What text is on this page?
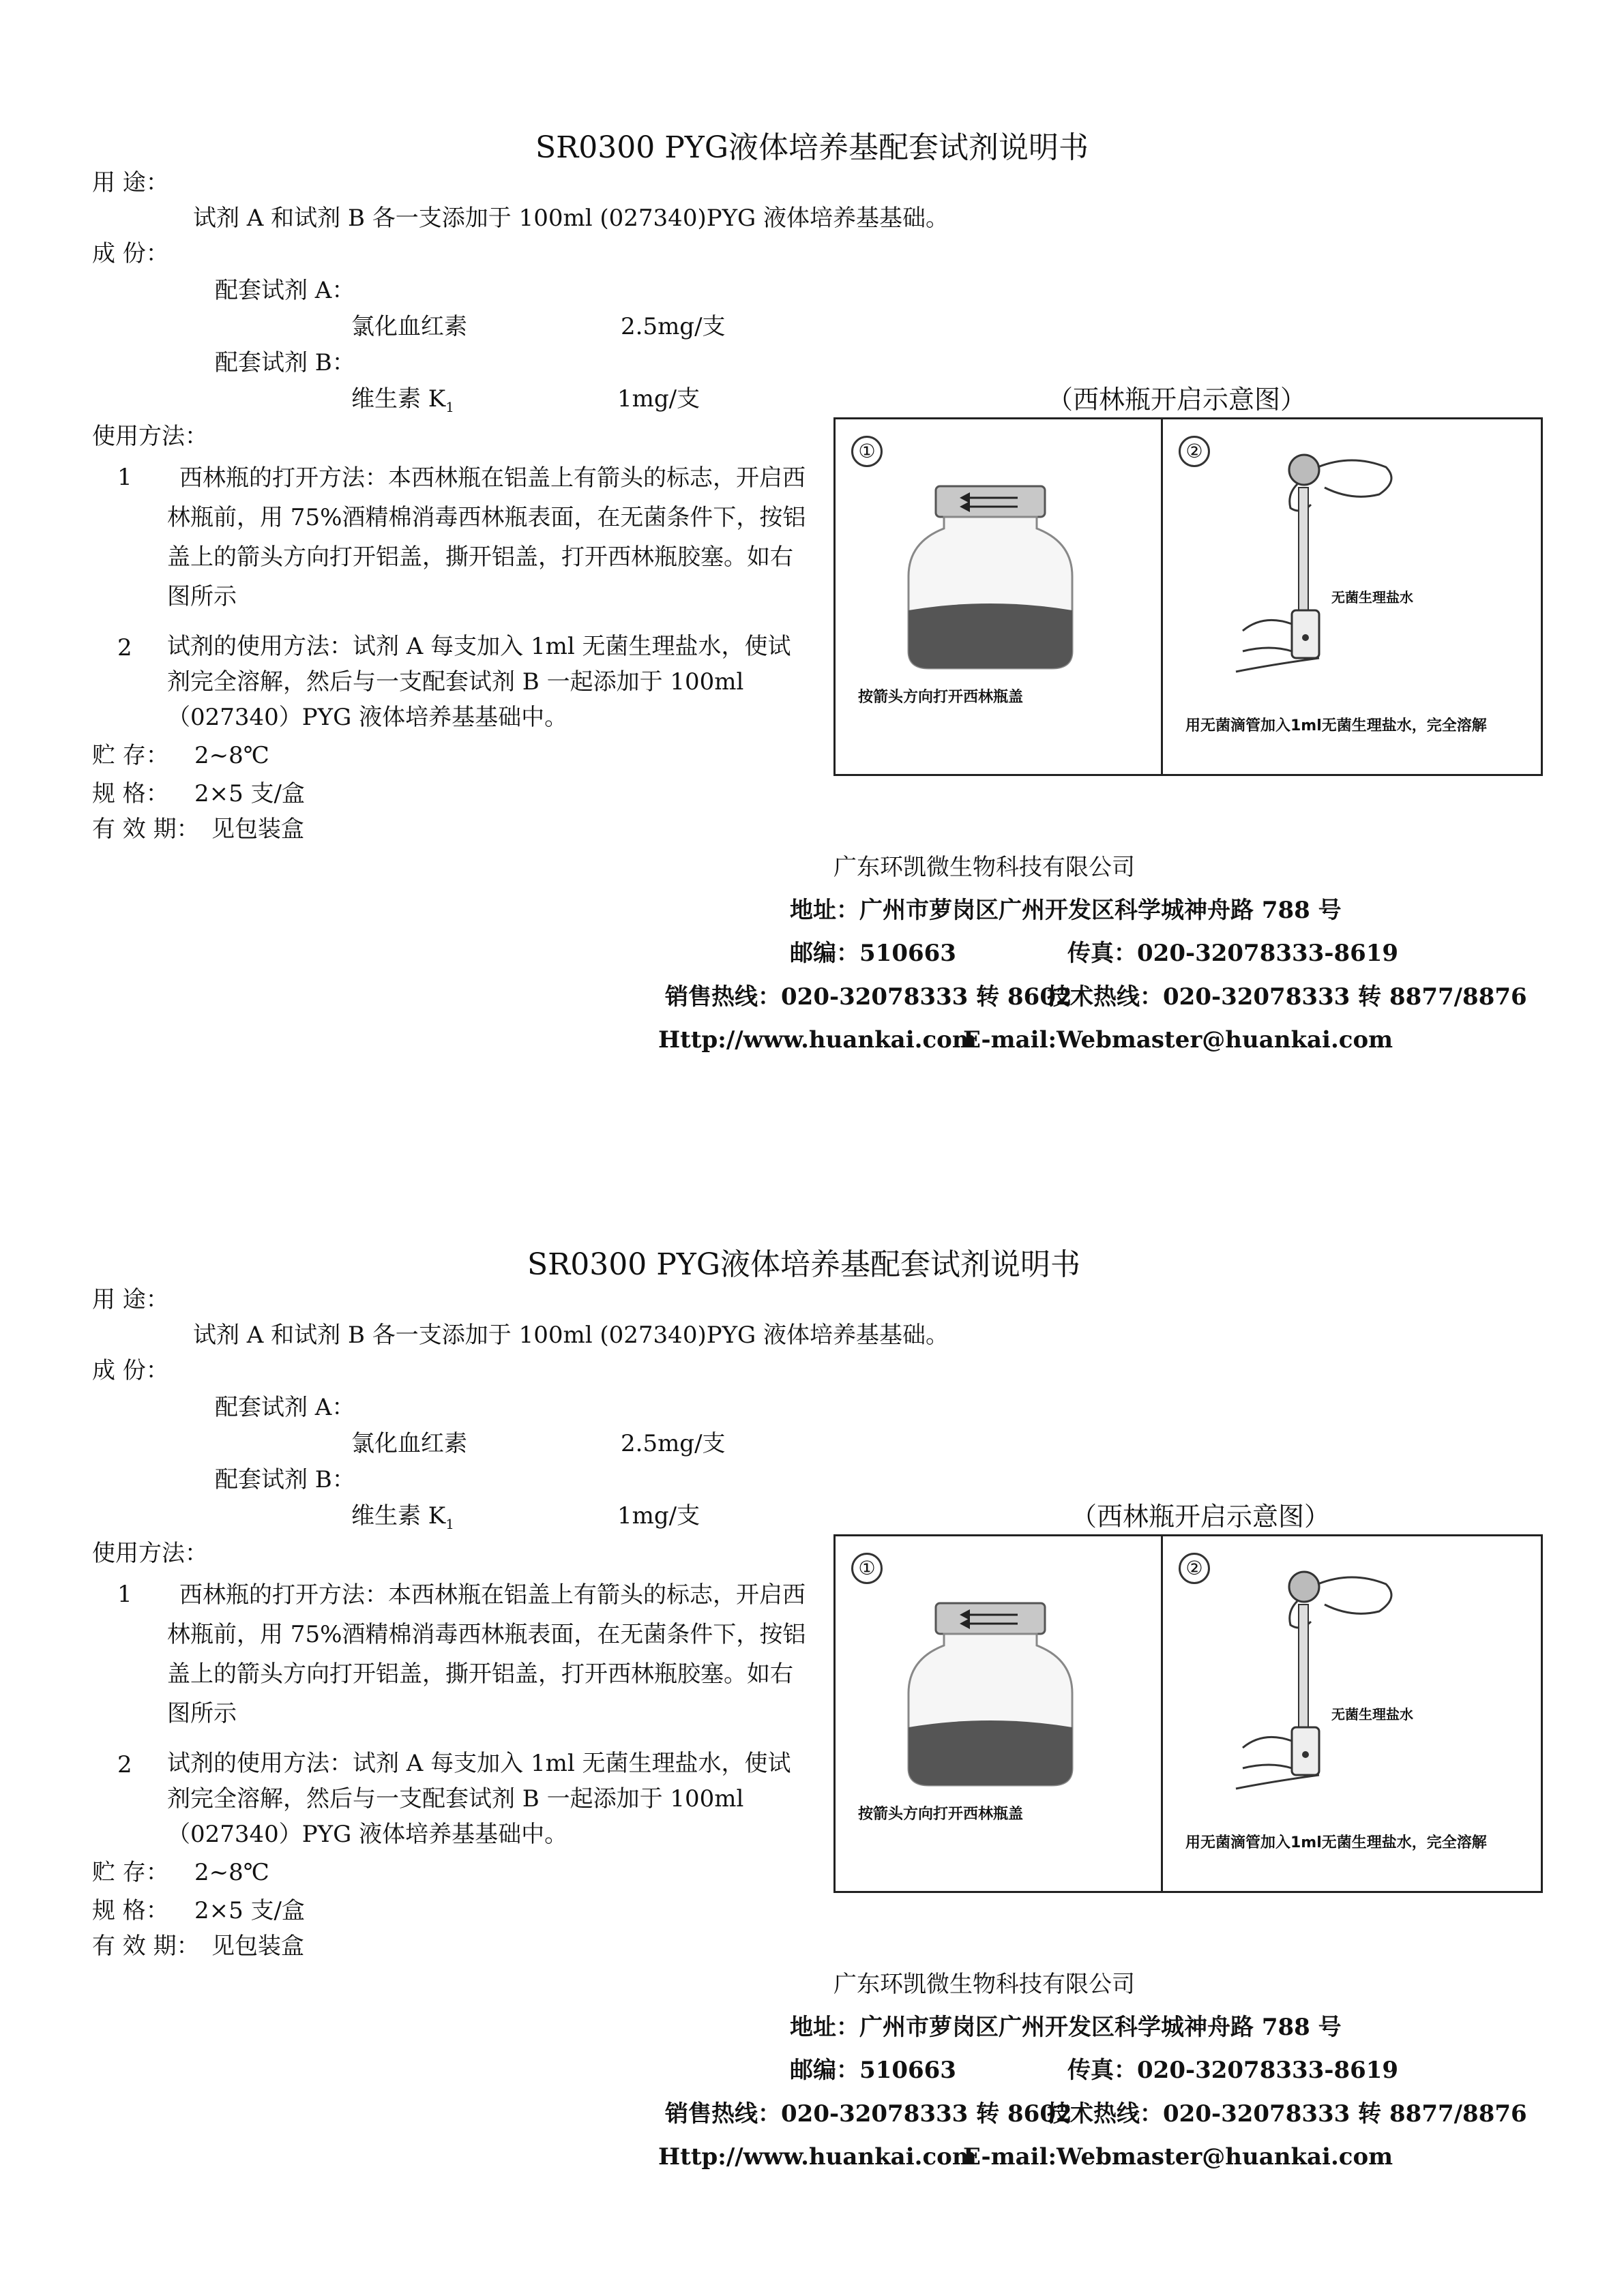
SR0300 PYG液体培养基配套试剂说明书
用 途：
试剂 A 和试剂 B 各一支添加于 100ml (027340)PYG 液体培养基基础。
成 份：
配套试剂 A：
氯化血红素	2.5mg/支
配套试剂 B：
维生素 $K_1$	1mg/支
使用方法：
1	西林瓶的打开方法：本西林瓶在铝盖上有箭头的标志，开启西林瓶前，用 75%酒精棉消毒西林瓶表面，在无菌条件下，按铝盖上的箭头方向打开铝盖，撕开铝盖，打开西林瓶胶塞。如右图所示
2 试剂的使用方法：试剂 A 每支加入 1ml 无菌生理盐水，使试剂完全溶解，然后与一支配套试剂 B 一起添加于 100ml（027340）PYG 液体培养基基础中。
贮 存： 2~8℃
规 格： 2×5 支/盒
有 效 期： 见包装盒
（西林瓶开启示意图）
①
按箭头方向打开西林瓶盖
②
无菌生理盐水
用无菌滴管加入1ml无菌生理盐水，完全溶解
广东环凯微生物科技有限公司
地址：广州市萝岗区广州开发区科学城神舟路 788 号
邮编：510663	传真：020-32078333-8619
销售热线：020-32078333 转 8602
技术热线：020-32078333 转 8877/8876
Http://www.huankai.com
E-mail:Webmaster@huankai.com
SR0300 PYG液体培养基配套试剂说明书
用 途：
试剂 A 和试剂 B 各一支添加于 100ml (027340)PYG 液体培养基基础。
成 份：
配套试剂 A：
氯化血红素	2.5mg/支
配套试剂 B：
维生素 $K_1$	1mg/支
使用方法：
1	西林瓶的打开方法：本西林瓶在铝盖上有箭头的标志，开启西林瓶前，用 75%酒精棉消毒西林瓶表面，在无菌条件下，按铝盖上的箭头方向打开铝盖，撕开铝盖，打开西林瓶胶塞。如右图所示
2 试剂的使用方法：试剂 A 每支加入 1ml 无菌生理盐水，使试剂完全溶解，然后与一支配套试剂 B 一起添加于 100ml（027340）PYG 液体培养基基础中。
贮 存： 2~8℃
规 格： 2×5 支/盒
有 效 期： 见包装盒
（西林瓶开启示意图）
①
按箭头方向打开西林瓶盖
②
无菌生理盐水
用无菌滴管加入1ml无菌生理盐水，完全溶解
广东环凯微生物科技有限公司
地址：广州市萝岗区广州开发区科学城神舟路 788 号
邮编：510663	传真：020-32078333-8619
销售热线：020-32078333 转 8602
技术热线：020-32078333 转 8877/8876
Http://www.huankai.com
E-mail:Webmaster@huankai.com
